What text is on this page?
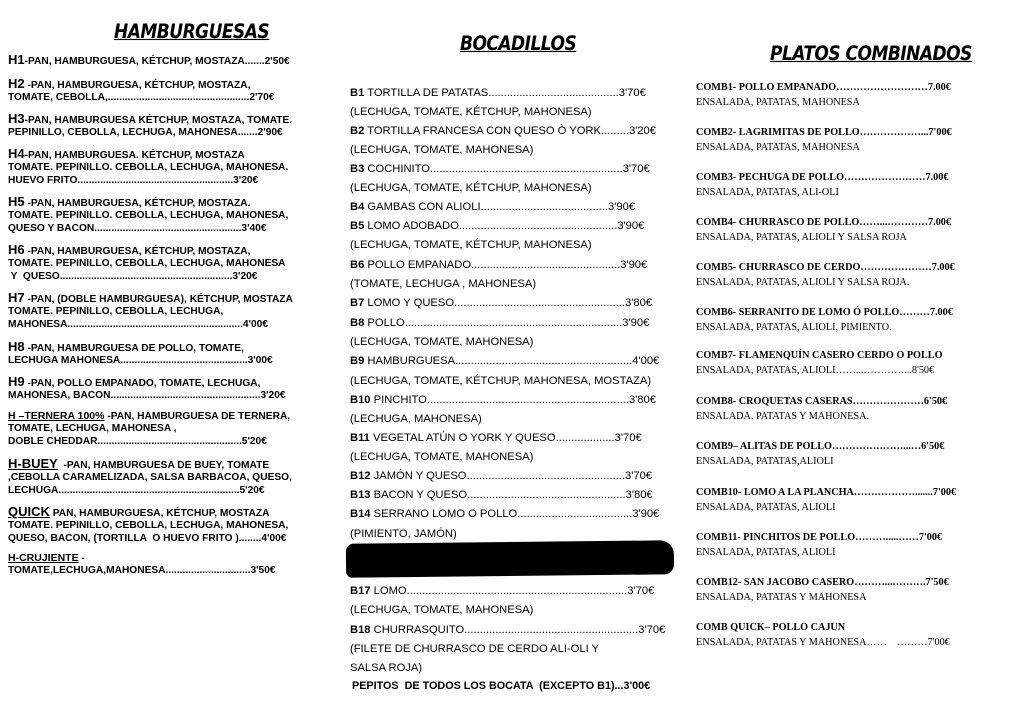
HAMBURGUESAS
H1-PAN, HAMBURGUESA, KÉTCHUP, MOSTAZA.......2'50€
H2 -PAN, HAMBURGUESA, KÉTCHUP, MOSTAZA,
TOMATE, CEBOLLA,..................................................2'70€
H3-PAN, HAMBURGUESA KÉTCHUP, MOSTAZA, TOMATE.
PEPINILLO, CEBOLLA, LECHUGA, MAHONESA.......2'90€
H4-PAN, HAMBURGUESA. KÉTCHUP, MOSTAZA
TOMATE. PEPINILLO. CEBOLLA, LECHUGA, MAHONESA.
HUEVO FRITO.......................................................3'20€
H5 -PAN, HAMBURGUESA, KÉTCHUP, MOSTAZA.
TOMATE. PEPINILLO. CEBOLLA, LECHUGA, MAHONESA,
QUESO Y BACON....................................................3'40€
H6 -PAN, HAMBURGUESA, KÉTCHUP, MOSTAZA,
TOMATE. PEPINILLO, CEBOLLA, LECHUGA, MAHONESA
Y  QUESO.............................................................3'20€
H7 -PAN, (DOBLE HAMBURGUESA), KÉTCHUP, MOSTAZA
TOMATE. PEPINILLO, CEBOLLA, LECHUGA,
MAHONESA..............................................................4'00€
H8 -PAN, HAMBURGUESA DE POLLO, TOMATE,
LECHUGA MAHONESA.............................................3'00€
H9 -PAN, POLLO EMPANADO, TOMATE, LECHUGA,
MAHONESA, BACON.....................................................3'20€
H –TERNERA 100% -PAN, HAMBURGUESA DE TERNERA,
TOMATE, LECHUGA, MAHONESA ,
DOBLE CHEDDAR...................................................5'20€
H-BUEY  -PAN, HAMBURGUESA DE BUEY, TOMATE
,CEBOLLA CARAMELIZADA, SALSA BARBACOA, QUESO,
LECHUGA................................................................5'20€
QUICK PAN, HAMBURGUESA, KÉTCHUP, MOSTAZA
TOMATE. PEPINILLO, CEBOLLA, LECHUGA, MAHONESA,
QUESO, BACON, (TORTILLA  O HUEVO FRITO )........4'00€
H-CRUJIENTE -
TOMATE,LECHUGA,MAHONESA..............................3'50€
BOCADILLOS
B1 TORTILLA DE PATATAS..........................................3'70€
(LECHUGA, TOMATE, KÉTCHUP, MAHONESA)
B2 TORTILLA FRANCESA CON QUESO Ò YORK.........3'20€
(LECHUGA, TOMATE, MAHONESA)
B3 COCHINITO..............................................................3'70€
(LECHUGA, TOMATE, KÉTCHUP, MAHONESA)
B4 GAMBAS CON ALIOLI.........................................3'90€
B5 LOMO ADOBADO...................................................3'90€
(LECHUGA, TOMATE, KÉTCHUP, MAHONESA)
B6 POLLO EMPANADO................................................3'90€
(TOMATE, LECHUGA , MAHONESA)
B7 LOMO Y QUESO.......................................................3'80€
B8 POLLO......................................................................3'90€
(LECHUGA, TOMATE, MAHONESA)
B9 HAMBURGUESA.........................................................4'00€
(LECHUGA, TOMATE, KÉTCHUP, MAHONESA, MOSTAZA)
B10 PINCHITO.................................................................3'80€
(LECHUGA, MAHONESA)
B11 VEGETAL ATÚN O YORK Y QUESO...................3'70€
(LECHUGA, TOMATE, MAHONESA)
B12 JAMÓN Y QUESO...................................................3'70€
B13 BACON Y QUESO...................................................3'80€
B14 SERRANO LOMO O POLLO.....................................3'90€
(PIMIENTO, JAMÓN)
B17 LOMO.......................................................................3'70€
(LECHUGA, TOMATE, MAHONESA)
B18 CHURRASQUITO........................................................3'70€
(FILETE DE CHURRASCO DE CERDO ALI-OLI Y
SALSA ROJA)
PEPITOS  DE TODOS LOS BOCATA  (EXCEPTO B1)...3'00€
PLATOS COMBINADOS
COMB1- POLLO EMPANADO………………………7.00€
ENSALADA, PATATAS, MAHONESA
COMB2- LAGRIMITAS DE POLLO………………...7'00€
ENSALADA, PATATAS, MAHONESA
COMB3- PECHUGA DE POLLO……………………7.00€
ENSALADA, PATATAS, ALI-OLI
COMB4- CHURRASCO DE POLLO……...…………7.00€
ENSALADA, PATATAS, ALIOLI Y SALSA ROJA
COMB5- CHURRASCO DE CERDO…………………7.00€
ENSALADA, PATATAS, ALIOLI Y SALSA ROJA.
COMB6- SERRANITO DE LOMO Ó POLLO………7.00€
ENSALADA, PATATAS, ALIOLI, PIMIENTO.
COMB7- FLAMENQUÍN CASERO CERDO O POLLO
ENSALADA, PATATAS, ALIOLI……...…………...8'50€
COMB8- CROQUETAS CASERAS…………………6'50€
ENSALADA. PATATAS Y MAHONESA.
COMB9– ALITAS DE POLLO…………………...…6'50€
ENSALADA, PATATAS,ALIOLI
COMB10- LOMO A LA PLANCHA……………….......7'00€
ENSALADA, PATATAS, ALIOLI
COMB11- PINCHITOS DE POLLO……….....……7'00€
ENSALADA, PATATAS, ALIOLI
COMB12- SAN JACOBO CASERO………...……….7'50€
ENSALADA, PATATAS Y MAHONESA
COMB QUICK– POLLO CAJUN
ENSALADA, PATATAS Y MAHONESA……    ………7'00€
